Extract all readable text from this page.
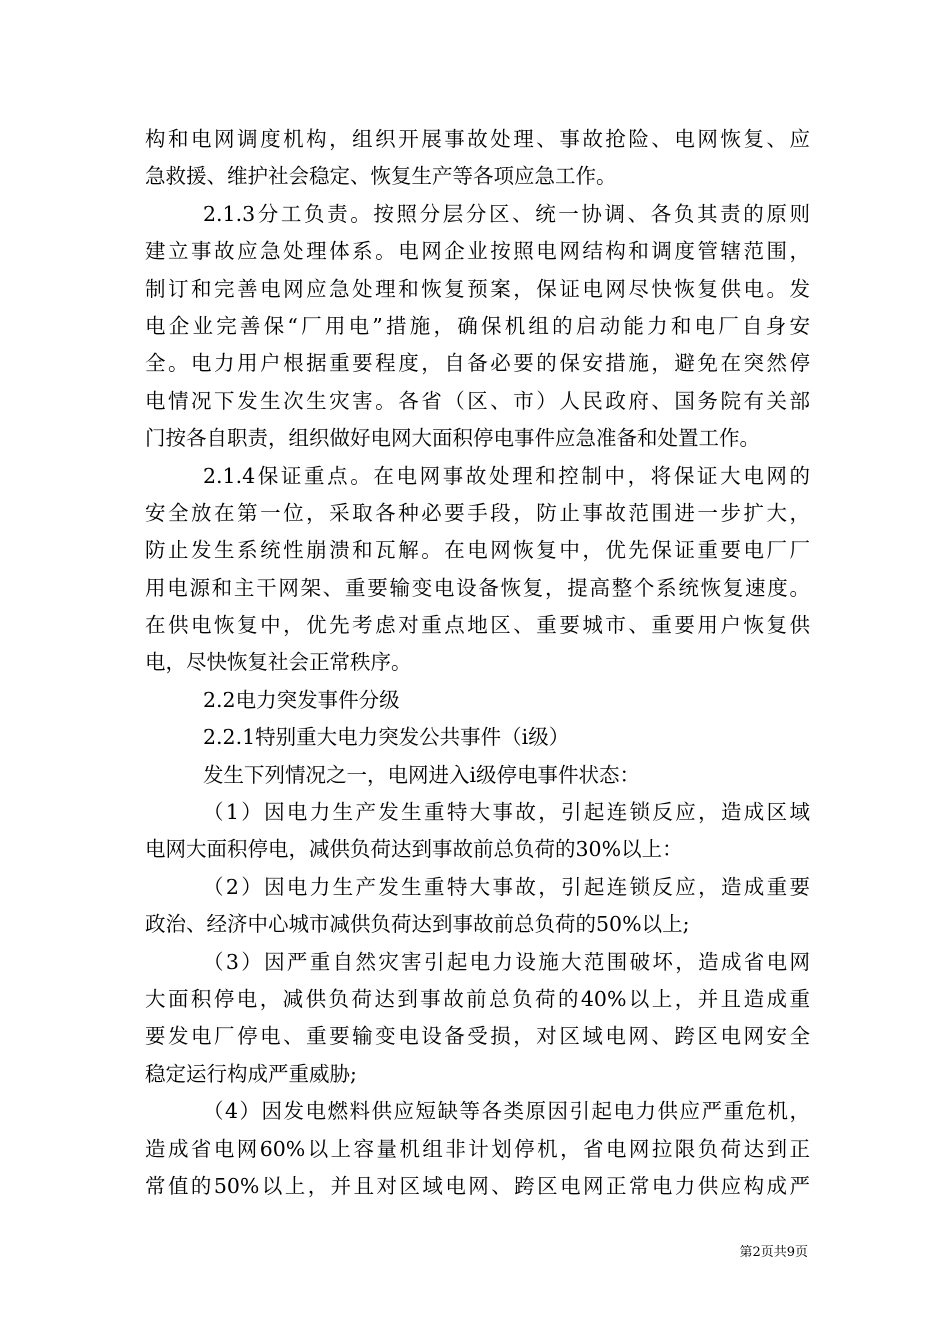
构和电网调度机构，组织开展事故处理、事故抢险、电网恢复、应
急救援、维护社会稳定、恢复生产等各项应急工作。
2.1.3分工负责。按照分层分区、统一协调、各负其责的原则
建立事故应急处理体系。电网企业按照电网结构和调度管辖范围，
制订和完善电网应急处理和恢复预案，保证电网尽快恢复供电。发
电企业完善保“厂用电”措施，确保机组的启动能力和电厂自身安
全。电力用户根据重要程度，自备必要的保安措施，避免在突然停
电情况下发生次生灾害。各省（区、市）人民政府、国务院有关部
门按各自职责，组织做好电网大面积停电事件应急准备和处置工作。
2.1.4保证重点。在电网事故处理和控制中，将保证大电网的
安全放在第一位，采取各种必要手段，防止事故范围进一步扩大，
防止发生系统性崩溃和瓦解。在电网恢复中，优先保证重要电厂厂
用电源和主干网架、重要输变电设备恢复，提高整个系统恢复速度。
在供电恢复中，优先考虑对重点地区、重要城市、重要用户恢复供
电，尽快恢复社会正常秩序。
2.2电力突发事件分级
2.2.1特别重大电力突发公共事件（i级）
发生下列情况之一，电网进入i级停电事件状态：
（1）因电力生产发生重特大事故，引起连锁反应，造成区域
电网大面积停电，减供负荷达到事故前总负荷的30%以上：
（2）因电力生产发生重特大事故，引起连锁反应，造成重要
政治、经济中心城市减供负荷达到事故前总负荷的50%以上;
（3）因严重自然灾害引起电力设施大范围破坏，造成省电网
大面积停电，减供负荷达到事故前总负荷的40%以上，并且造成重
要发电厂停电、重要输变电设备受损，对区域电网、跨区电网安全
稳定运行构成严重威胁;
（4）因发电燃料供应短缺等各类原因引起电力供应严重危机，
造成省电网60%以上容量机组非计划停机，省电网拉限负荷达到正
常值的50%以上，并且对区域电网、跨区电网正常电力供应构成严
第2页共9页
